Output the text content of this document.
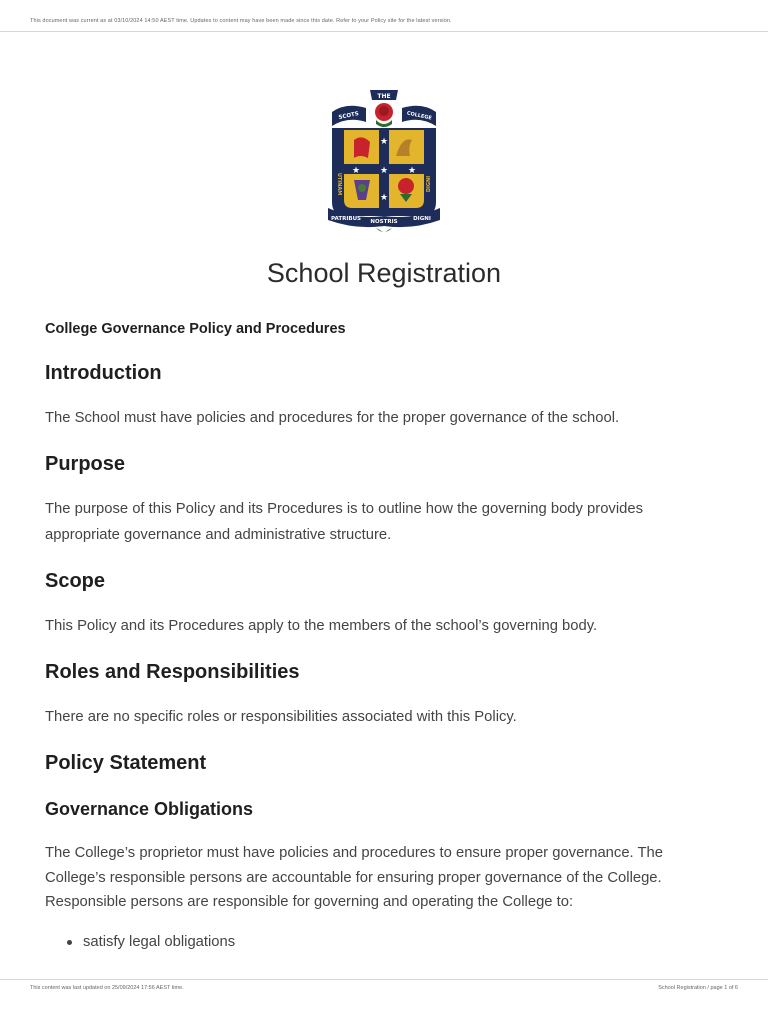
This document was current as at 03/10/2024 14:50 AEST time. Updates to content may have been made since this date. Refer to your Policy site for the latest version.
THE
SCOTS	COLLEGE
★
★
★
★	★
UTINAM	DIGNI
PATRIBUS NOSTRIS	DIGNI
School Registration
College Governance Policy and Procedures
Introduction

The School must have policies and procedures for the proper governance of the school.

Purpose

The purpose of this Policy and its Procedures is to outline how the governing body provides appropriate governance and administrative structure.

Scope

This Policy and its Procedures apply to the members of the school’s governing body.

Roles and Responsibilities

There are no specific roles or responsibilities associated with this Policy.

Policy Statement
Governance Obligations

The College’s proprietor must have policies and procedures to ensure proper governance. The College’s responsible persons are accountable for ensuring proper governance of the College. Responsible persons are responsible for governing and operating the College to:

satisfy legal obligations
This content was last updated on 25/09/2024 17:56 AEST time.	School Registration / page 1 of 6
